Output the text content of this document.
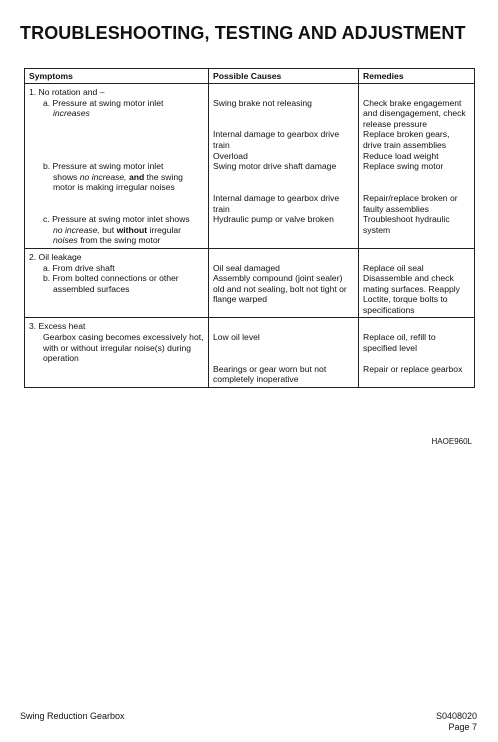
TROUBLESHOOTING, TESTING AND ADJUSTMENT
Symptoms	Possible Causes	Remedies
1. No rotation and –		
a. Pressure at swing motor inlet
increases	Swing brake not releasing	Check brake engagement and disengagement, check release pressure
	Internal damage to gearbox drive train	Replace broken gears, drive train assemblies
	Overload	Reduce load weight
b. Pressure at swing motor inlet
shows no increase, and the swing
motor is making irregular noises	Swing motor drive shaft damage	Replace swing motor
	Internal damage to gearbox drive train	Repair/replace broken or faulty assemblies
c. Pressure at swing motor inlet shows
no increase, but without irregular
noises from the swing motor	Hydraulic pump or valve broken	Troubleshoot hydraulic system
2. Oil leakage		
a. From drive shaft	Oil seal damaged	Replace oil seal
b. From bolted connections or other assembled surfaces	Assembly compound (joint sealer) old and not sealing, bolt not tight or flange warped	Disassemble and check mating surfaces. Reapply Loctite, torque bolts to specifications
3. Excess heat		
Gearbox casing becomes excessively hot, with or without irregular noise(s) during operation	Low oil level	Replace oil, refill to specified level
	Bearings or gear worn but not completely inoperative	Repair or replace gearbox
HAOE960L
Swing Reduction Gearbox	S0408020
Page 7
